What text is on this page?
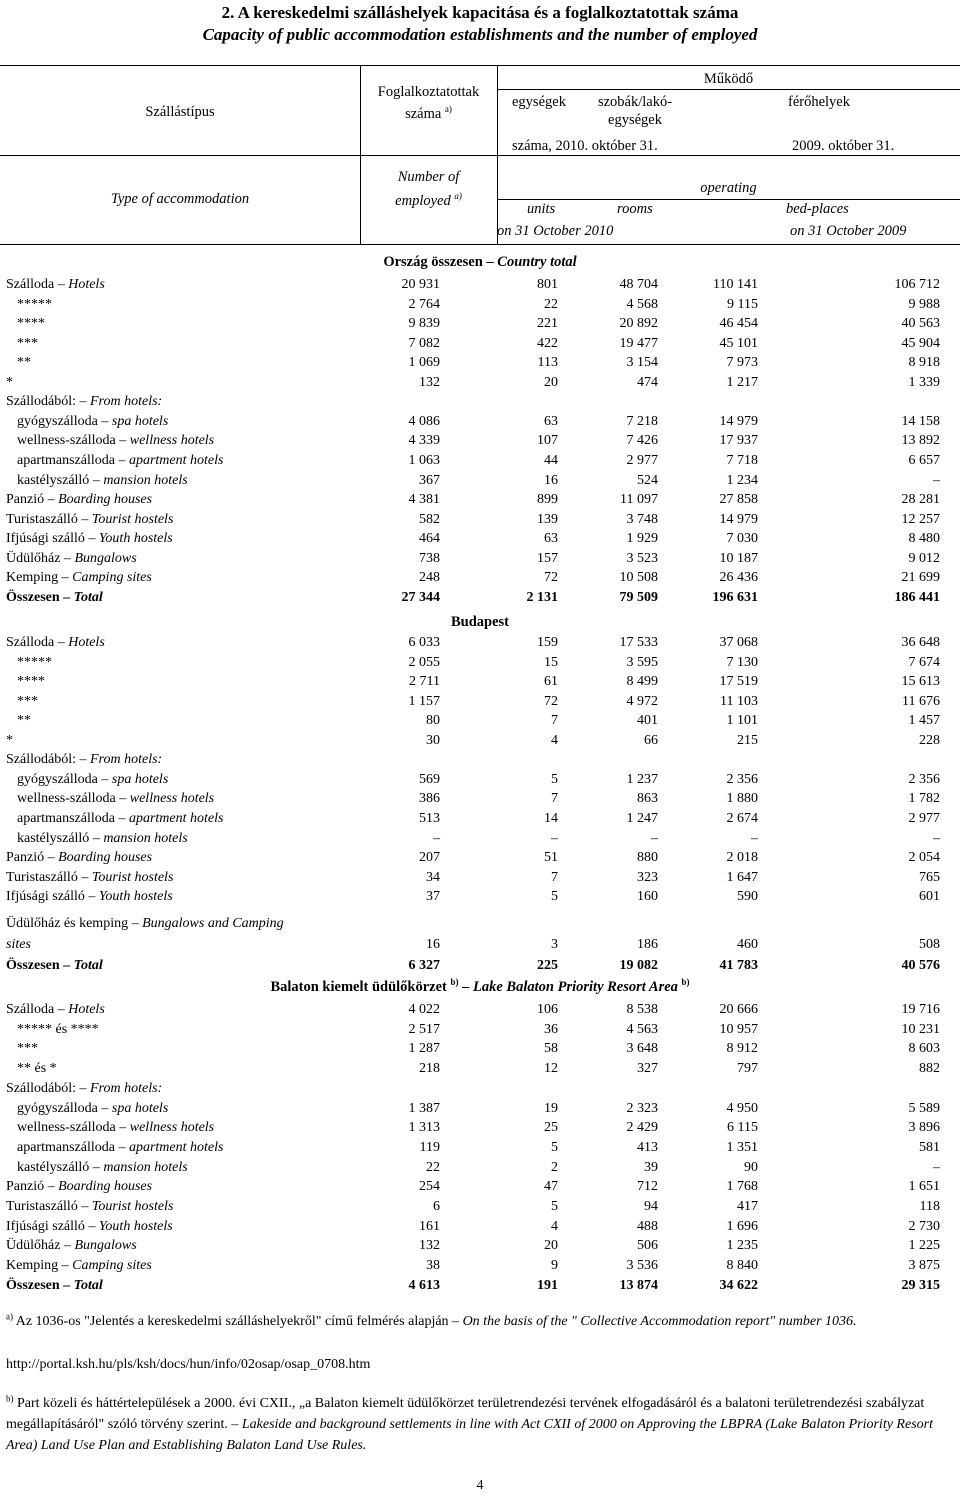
2. A kereskedelmi szálláshelyek kapacitása és a foglalkoztatottak száma
Capacity of public accommodation establishments and the number of employed
Szállástípus
Type of accommodation
Foglalkoztatottak
száma $^{a)}$
Number of
employed $^{a)}$
Működő
egységek	szobák/lakó-
egységek
férőhelyek
száma, 2010. október 31.	2009. október 31.
operating
units	rooms	bed-places
on 31 October 2010	on 31 October 2009
Ország összesen – Country total
Budapest
Balaton kiemelt üdülőkörzet $^{b)}$ – Lake Balaton Priority Resort Area $^{b)}$
Szálloda – Hotels	20 931	801	48 704	110 141	106 712
*****	2 764	22	4 568	9 115	9 988
****	9 839	221	20 892	46 454	40 563
***	7 082	422	19 477	45 101	45 904
**	1 069	113	3 154	7 973	8 918
*	132	20	474	1 217	1 339
Szállodából: – From hotels:
gyógyszálloda – spa hotels	4 086	63	7 218	14 979	14 158
wellness-szálloda – wellness hotels	4 339	107	7 426	17 937	13 892
apartmanszálloda – apartment hotels	1 063	44	2 977	7 718	6 657
kastélyszálló – mansion hotels	367	16	524	1 234	–
Panzió – Boarding houses	4 381	899	11 097	27 858	28 281
Turistaszálló – Tourist hostels	582	139	3 748	14 979	12 257
Ifjúsági szálló – Youth hostels	464	63	1 929	7 030	8 480
Üdülőház – Bungalows	738	157	3 523	10 187	9 012
Kemping – Camping sites	248	72	10 508	26 436	21 699
Összesen – Total	27 344	2 131	79 509	196 631	186 441
Szálloda – Hotels	6 033	159	17 533	37 068	36 648
*****	2 055	15	3 595	7 130	7 674
****	2 711	61	8 499	17 519	15 613
***	1 157	72	4 972	11 103	11 676
**	80	7	401	1 101	1 457
*	30	4	66	215	228
Szállodából: – From hotels:
gyógyszálloda – spa hotels	569	5	1 237	2 356	2 356
wellness-szálloda – wellness hotels	386	7	863	1 880	1 782
apartmanszálloda – apartment hotels	513	14	1 247	2 674	2 977
kastélyszálló – mansion hotels	–	–	–	–	–
Panzió – Boarding houses	207	51	880	2 018	2 054
Turistaszálló – Tourist hostels	34	7	323	1 647	765
Ifjúsági szálló – Youth hostels	37	5	160	590	601
Üdülőház és kemping – Bungalows and Camping
sites	16	3	186	460	508
Összesen – Total	6 327	225	19 082	41 783	40 576
Szálloda – Hotels	4 022	106	8 538	20 666	19 716
***** és ****	2 517	36	4 563	10 957	10 231
***	1 287	58	3 648	8 912	8 603
** és *	218	12	327	797	882
Szállodából: – From hotels:
gyógyszálloda – spa hotels	1 387	19	2 323	4 950	5 589
wellness-szálloda – wellness hotels	1 313	25	2 429	6 115	3 896
apartmanszálloda – apartment hotels	119	5	413	1 351	581
kastélyszálló – mansion hotels	22	2	39	90	–
Panzió – Boarding houses	254	47	712	1 768	1 651
Turistaszálló – Tourist hostels	6	5	94	417	118
Ifjúsági szálló – Youth hostels	161	4	488	1 696	2 730
Üdülőház – Bungalows	132	20	506	1 235	1 225
Kemping – Camping sites	38	9	3 536	8 840	3 875
Összesen – Total	4 613	191	13 874	34 622	29 315
$^{a)}$ Az 1036-os "Jelentés a kereskedelmi szálláshelyekről" című felmérés alapján – On the basis of the " Collective Accommodation report" number 1036.
http://portal.ksh.hu/pls/ksh/docs/hun/info/02osap/osap_0708.htm
$^{b)}$ Part közeli és háttértelepülések a 2000. évi CXII., „a Balaton kiemelt üdülőkörzet területrendezési tervének elfogadásáról és a balatoni területrendezési szabályzat megállapításáról" szóló törvény szerint. – Lakeside and background settlements in line with Act CXII of 2000 on Approving the LBPRA (Lake Balaton Priority Resort Area) Land Use Plan and Establishing Balaton Land Use Rules.
4
